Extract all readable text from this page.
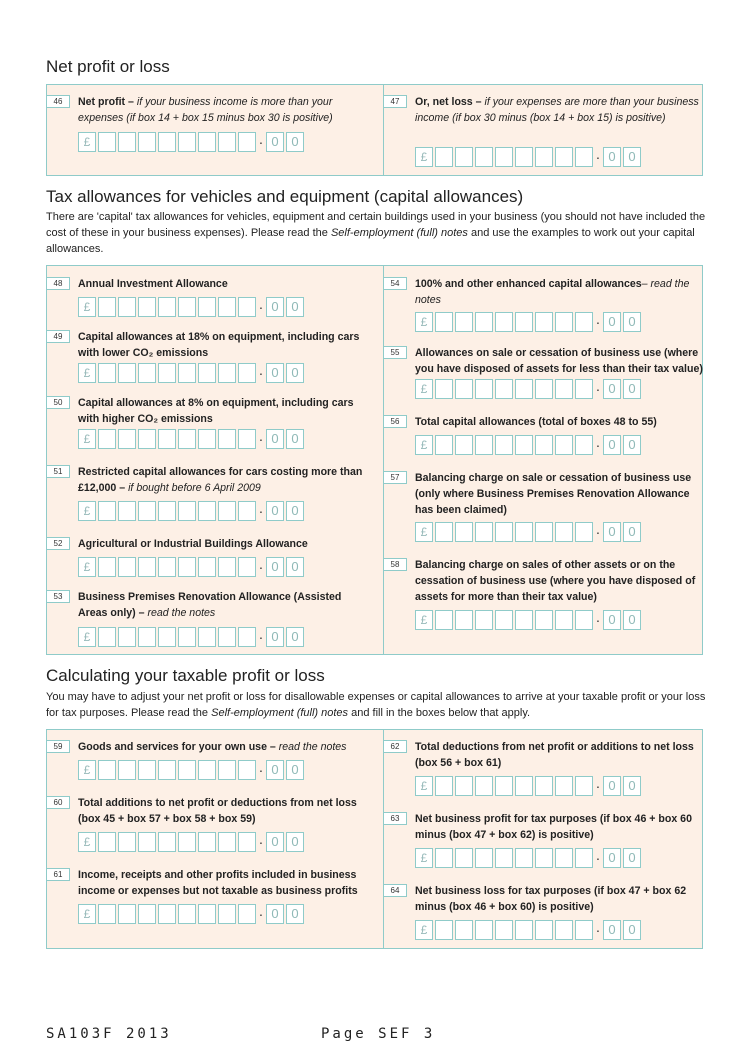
Net profit or loss
Tax allowances for vehicles and equipment (capital allowances)

There are 'capital' tax allowances for vehicles, equipment and certain buildings used in your business (you should not have included the cost of these in your business expenses). Please read the Self-employment (full) notes and use the examples to work out your capital allowances.

Calculating your taxable profit or loss

You may have to adjust your net profit or loss for disallowable expenses or capital allowances to arrive at your taxable profit or your loss for tax purposes. Please read the Self-employment (full) notes and fill in the boxes below that apply.

46	Net profit – if your business income is more than your expenses (if box 14 + box 15 minus box 30 is positive)
£	· 0 0
47	Or, net loss – if your expenses are more than your business income (if box 30 minus (box 14 + box 15) is positive)
£	· 0 0
48	Annual Investment Allowance
£	· 0 0
49	Capital allowances at 18% on equipment, including cars with lower CO₂ emissions
£	· 0 0
50	Capital allowances at 8% on equipment, including cars with higher CO₂ emissions
£	· 0 0
51	Restricted capital allowances for cars costing more than £12,000 – if bought before 6 April 2009
£	· 0 0
52	Agricultural or Industrial Buildings Allowance
£	· 0 0
53	Business Premises Renovation Allowance (Assisted Areas only) – read the notes
£	· 0 0
54	100% and other enhanced capital allowances– read the notes
£	· 0 0
55	Allowances on sale or cessation of business use (where you have disposed of assets for less than their tax value)
£	· 0 0
56	Total capital allowances (total of boxes 48 to 55)
£	· 0 0
57	Balancing charge on sale or cessation of business use (only where Business Premises Renovation Allowance has been claimed)
£	· 0 0
58	Balancing charge on sales of other assets or on the cessation of business use (where you have disposed of assets for more than their tax value)
£	· 0 0
59	Goods and services for your own use – read the notes
£	· 0 0
60	Total additions to net profit or deductions from net loss (box 45 + box 57 + box 58 + box 59)
£	· 0 0
61	Income, receipts and other profits included in business income or expenses but not taxable as business profits
£	· 0 0
62	Total deductions from net profit or additions to net loss (box 56 + box 61)
£	· 0 0
63	Net business profit for tax purposes (if box 46 + box 60 minus (box 47 + box 62) is positive)
£	· 0 0
64	Net business loss for tax purposes (if box 47 + box 62 minus (box 46 + box 60) is positive)
£	· 0 0
SA103F 2013	Page SEF 3
